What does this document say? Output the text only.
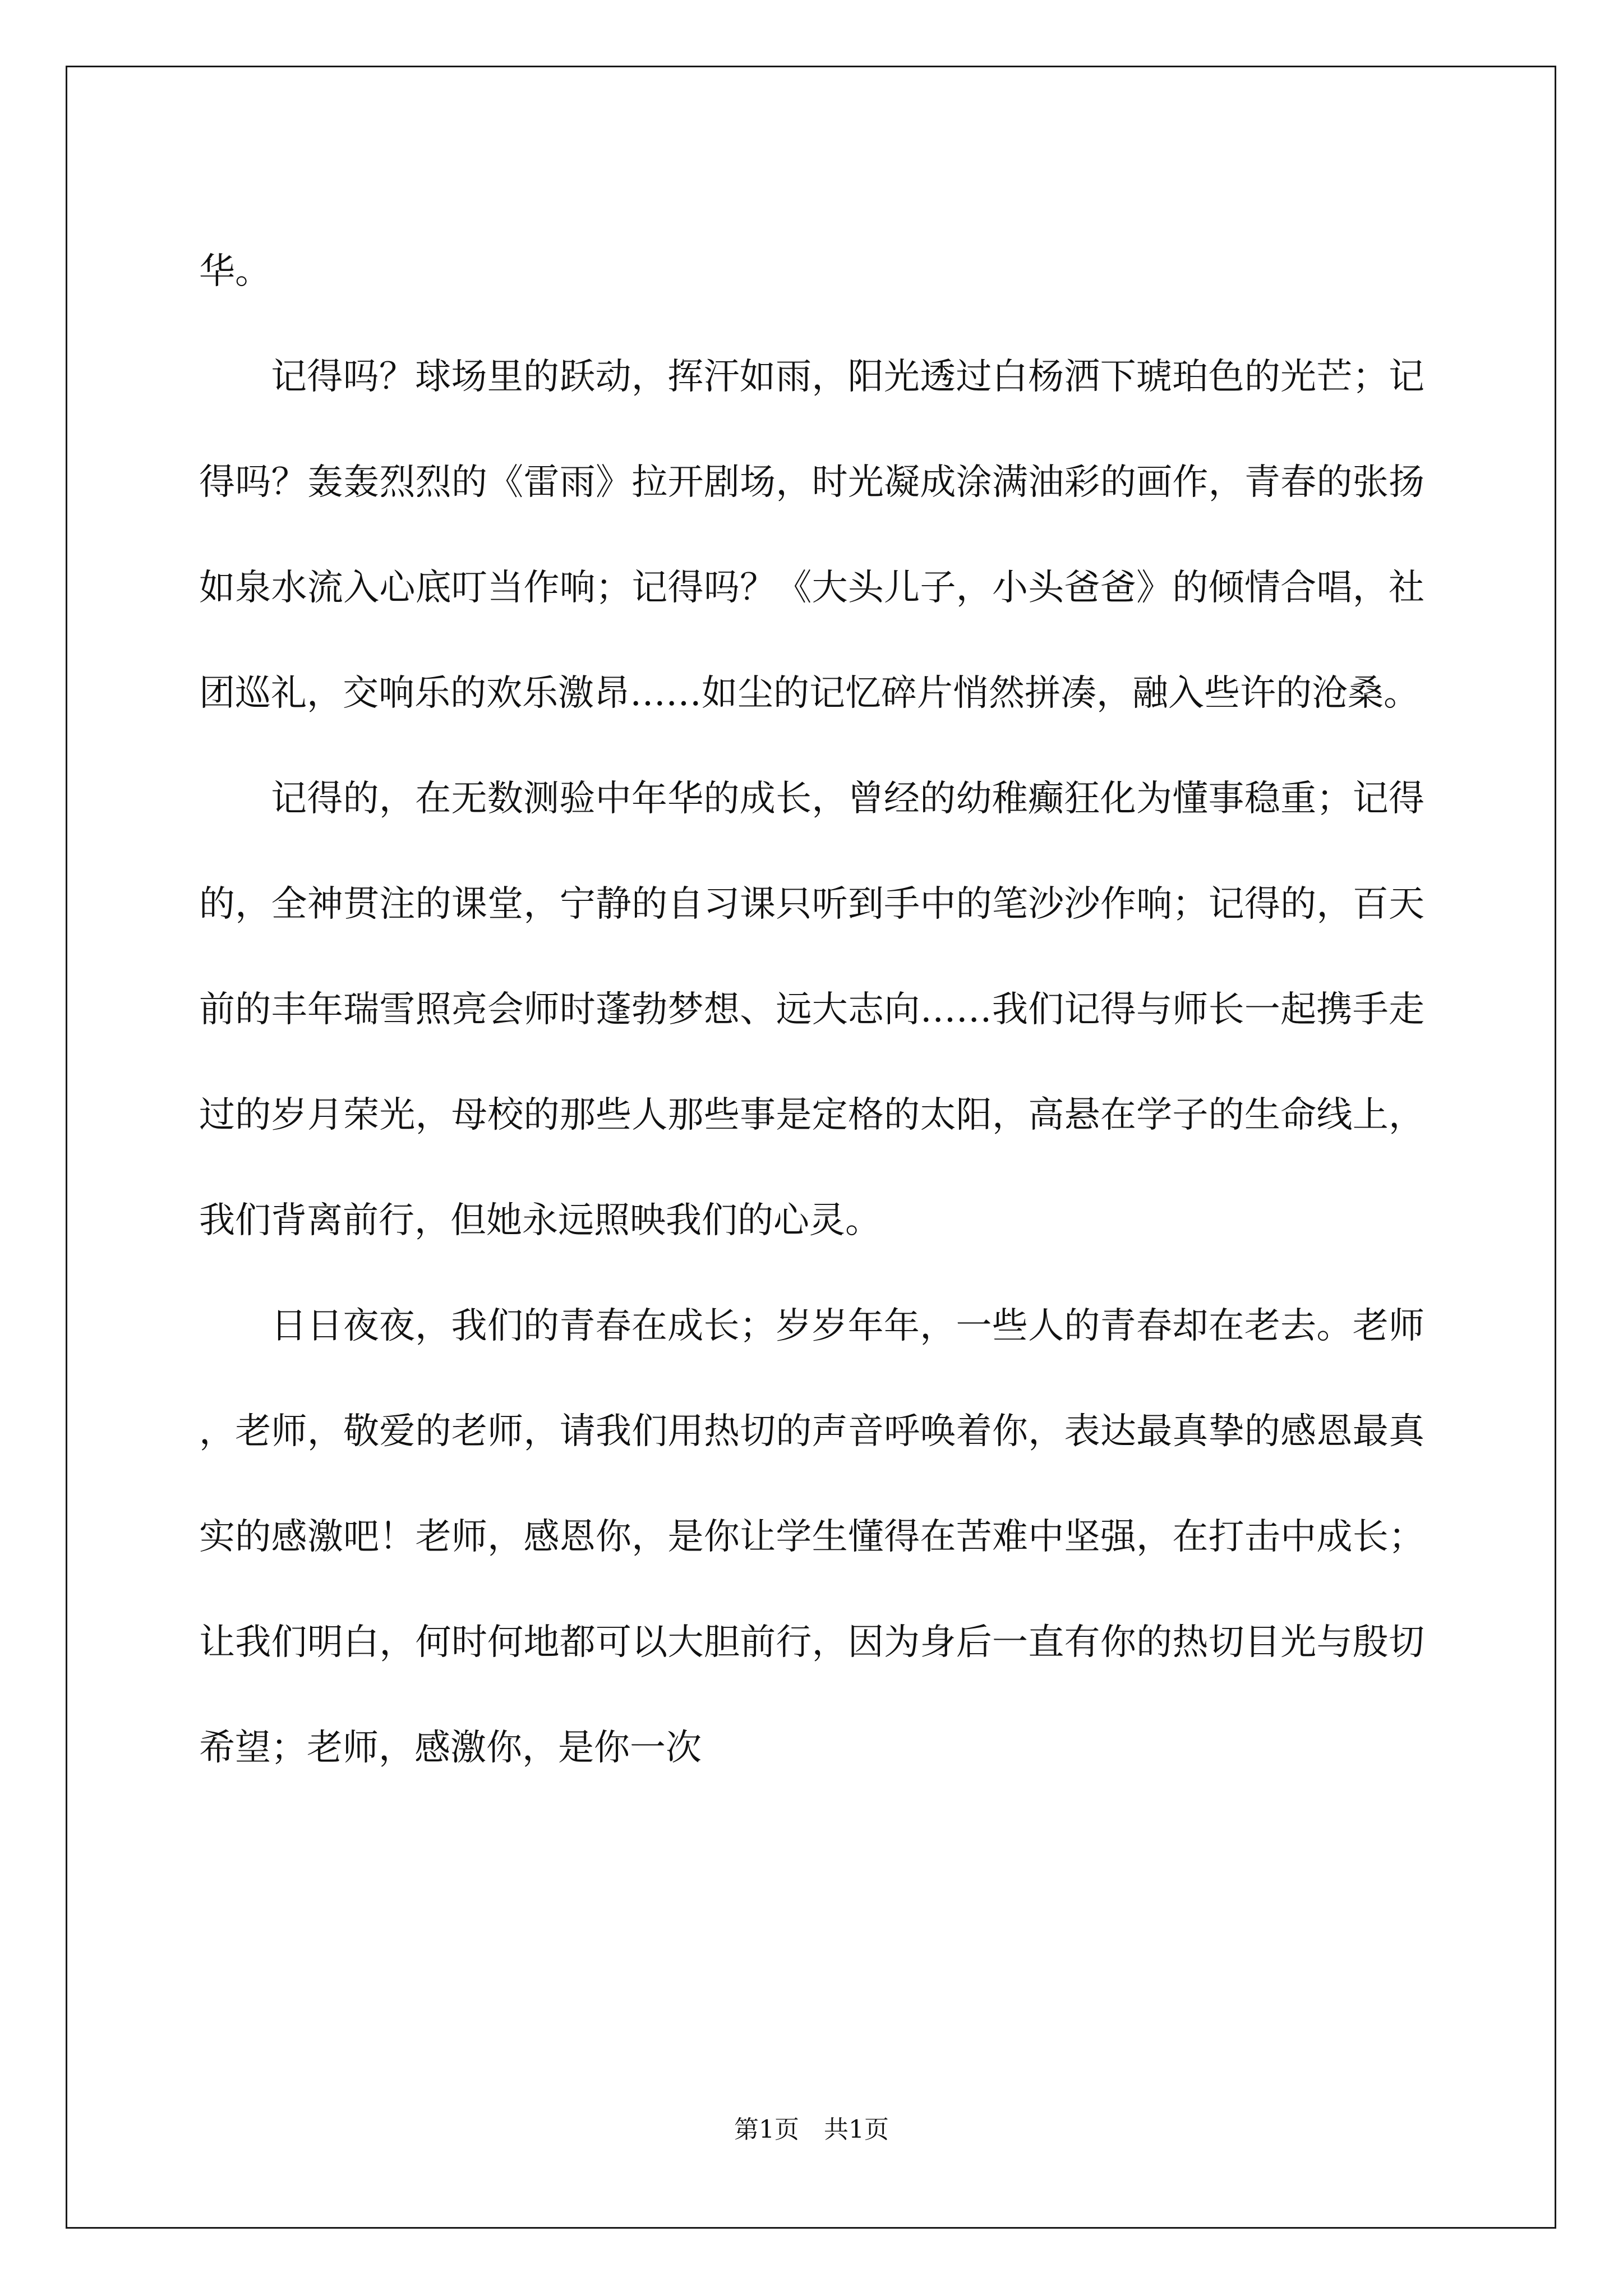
华。

记得吗？球场里的跃动，挥汗如雨，阳光透过白杨洒下琥珀色的光芒；记得吗？轰轰烈烈的《雷雨》拉开剧场，时光凝成涂满油彩的画作，青春的张扬如泉水流入心底叮当作响；记得吗？《大头儿子，小头爸爸》的倾情合唱，社团巡礼，交响乐的欢乐激昂……如尘的记忆碎片悄然拼凑，融入些许的沧桑。

记得的，在无数测验中年华的成长，曾经的幼稚癫狂化为懂事稳重；记得的，全神贯注的课堂，宁静的自习课只听到手中的笔沙沙作响；记得的，百天前的丰年瑞雪照亮会师时蓬勃梦想、远大志向……我们记得与师长一起携手走过的岁月荣光，母校的那些人那些事是定格的太阳，高悬在学子的生命线上，我们背离前行，但她永远照映我们的心灵。

日日夜夜，我们的青春在成长；岁岁年年，一些人的青春却在老去。老师，老师，敬爱的老师，请我们用热切的声音呼唤着你，表达最真挚的感恩最真实的感激吧！老师，感恩你，是你让学生懂得在苦难中坚强，在打击中成长；让我们明白，何时何地都可以大胆前行，因为身后一直有你的热切目光与殷切希望；老师，感激你，是你一次

第1页 共1页
